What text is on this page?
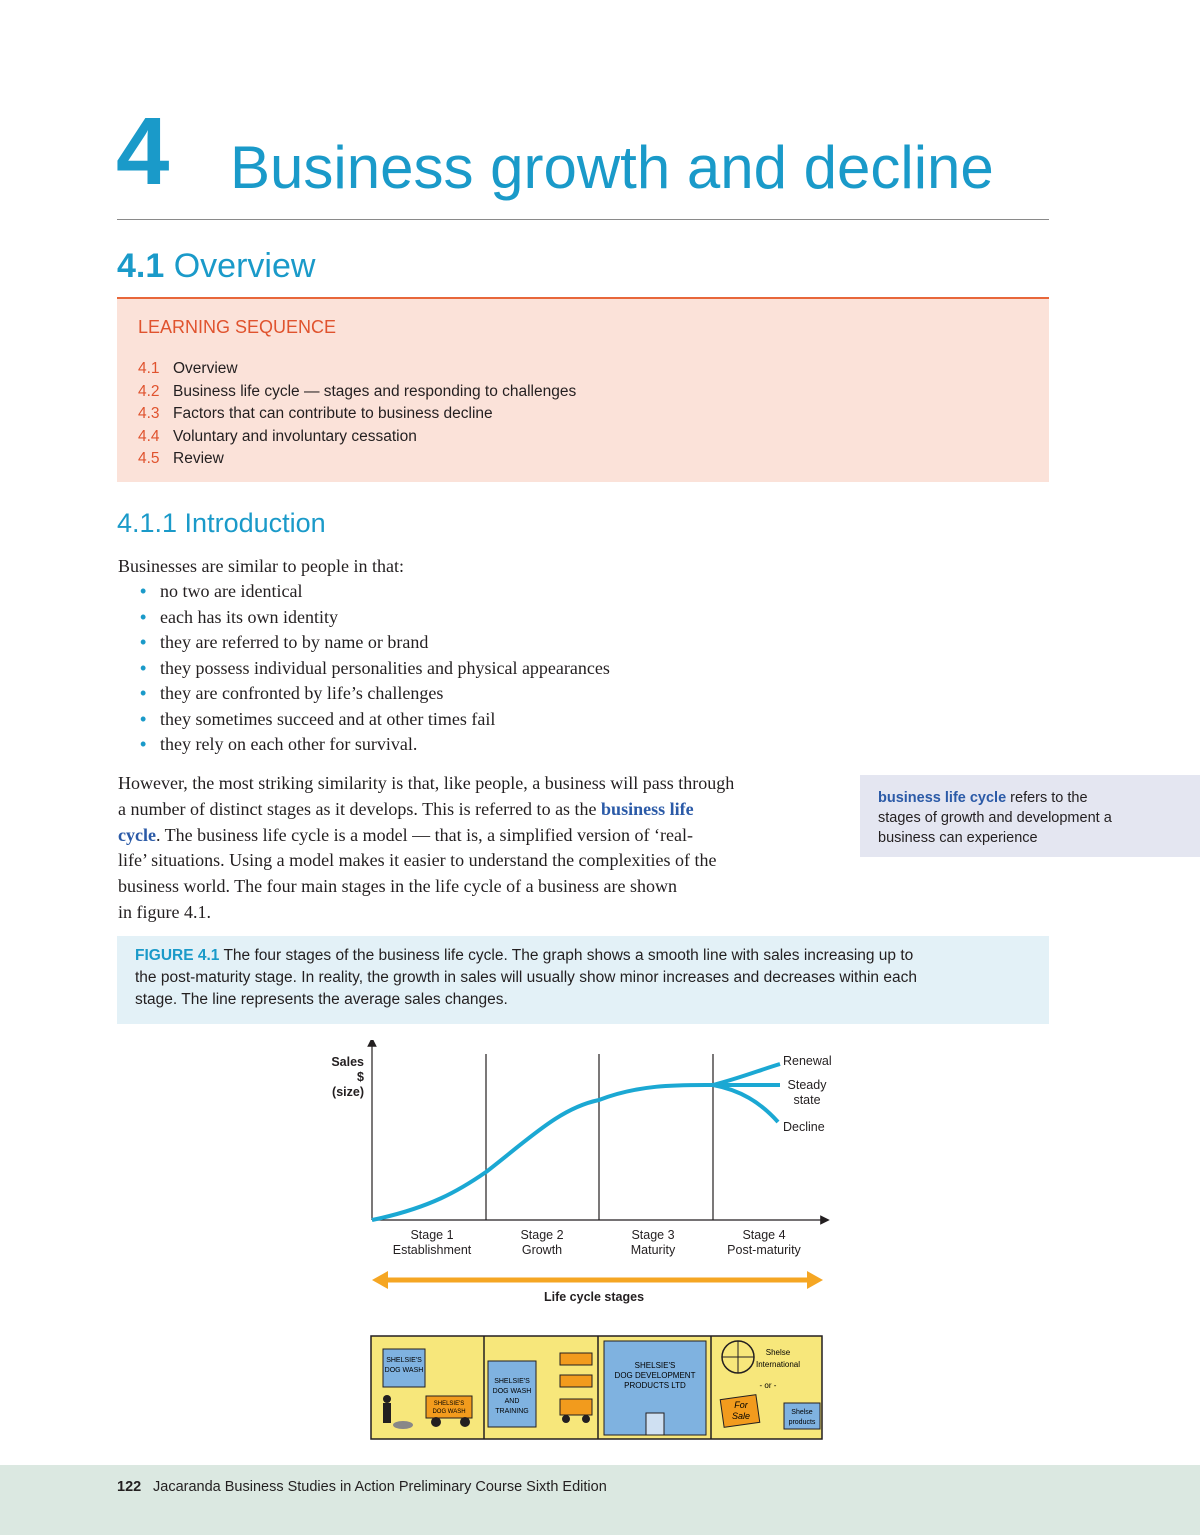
4 Business growth and decline
4.1 Overview
LEARNING SEQUENCE
4.1 Overview
4.2 Business life cycle — stages and responding to challenges
4.3 Factors that can contribute to business decline
4.4 Voluntary and involuntary cessation
4.5 Review
4.1.1 Introduction
Businesses are similar to people in that:
• no two are identical
• each has its own identity
• they are referred to by name or brand
• they possess individual personalities and physical appearances
• they are confronted by life’s challenges
• they sometimes succeed and at other times fail
• they rely on each other for survival.
However, the most striking similarity is that, like people, a business will pass through
a number of distinct stages as it develops. This is referred to as the business life
cycle. The business life cycle is a model — that is, a simplified version of ‘real-
life’ situations. Using a model makes it easier to understand the complexities of the
business world. The four main stages in the life cycle of a business are shown
in figure 4.1.
business life cycle refers to the
stages of growth and development a
business can experience
FIGURE 4.1 The four stages of the business life cycle. The graph shows a smooth line with sales increasing up to
the post-maturity stage. In reality, the growth in sales will usually show minor increases and decreases within each
stage. The line represents the average sales changes.
Sales
$
(size)
Stage 1
Establishment
Stage 2
Growth
Stage 3
Maturity
Stage 4
Post-maturity
Renewal
Steady state
Decline
Life cycle stages
SHELSIE'S
DOG WASH
SHELSIE'S
DOG WASH
SHELSIE'S
DOG WASH
AND
TRAINING
SHELSIE'S
DOG DEVELOPMENT
PRODUCTS LTD
Shelse
International
- or -
For
Sale	Shelse
products
122 Jacaranda Business Studies in Action Preliminary Course Sixth Edition
